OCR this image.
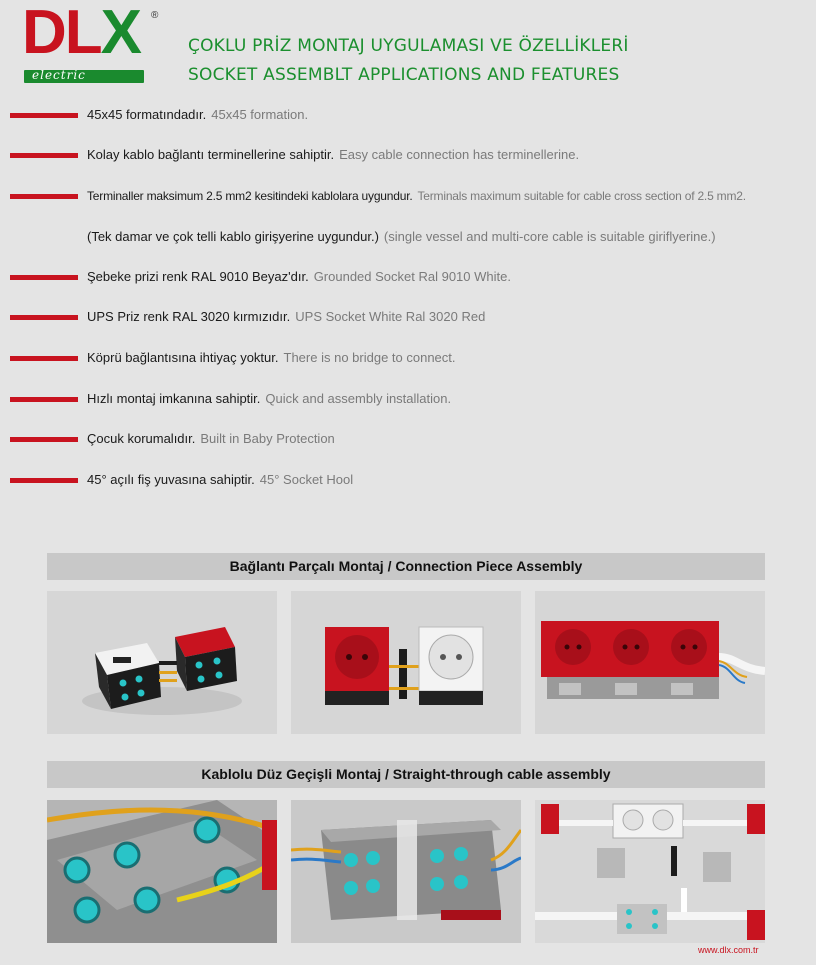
DLX ®
electric
ÇOKLU PRİZ MONTAJ UYGULAMASI VE ÖZELLİKLERİ
SOCKET ASSEMBLT APPLICATIONS AND FEATURES
45x45 formatındadır. 45x45 formation.
Kolay kablo bağlantı terminellerine sahiptir. Easy cable connection has terminellerine.
Terminaller maksimum 2.5 mm2 kesitindeki kablolara uygundur. Terminals maximum suitable for cable cross section of 2.5 mm2.
(Tek damar ve çok telli kablo girişyerine uygundur.) (single vessel and multi-core cable is suitable giriflyerine.)
Şebeke prizi renk RAL 9010 Beyaz'dır. Grounded Socket Ral 9010 White.
UPS Priz renk RAL 3020 kırmızıdır. UPS Socket White Ral 3020 Red
Köprü bağlantısına ihtiyaç yoktur. There is no bridge to connect.
Hızlı montaj imkanına sahiptir. Quick and assembly installation.
Çocuk korumalıdır. Built in Baby Protection
45° açılı fiş yuvasına sahiptir. 45° Socket Hool
Bağlantı Parçalı Montaj / Connection Piece Assembly
Kablolu Düz Geçişli Montaj / Straight-through cable assembly
www.dlx.com.tr
